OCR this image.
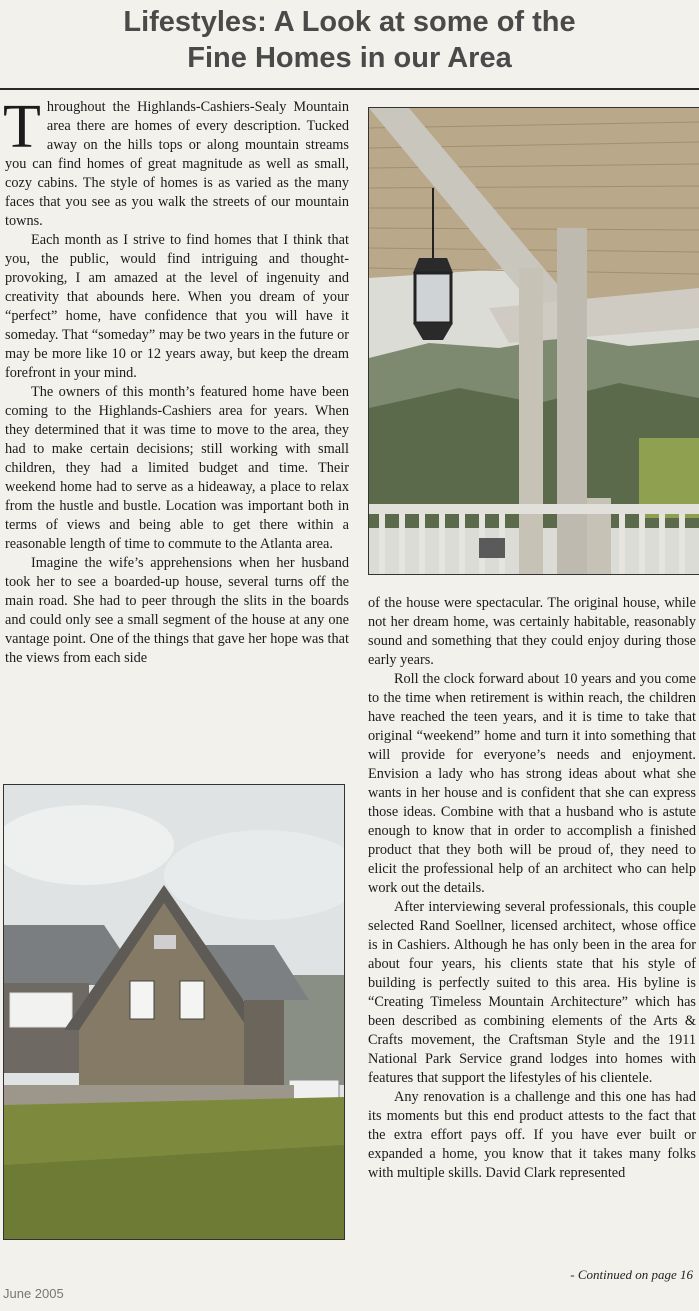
Lifestyles: A Look at some of the
Fine Homes in our Area

Throughout the Highlands-Cashiers-Sealy Mountain area there are homes of every description. Tucked away on the hills tops or along mountain streams you can find homes of great magnitude as well as small, cozy cabins. The style of homes is as varied as the many faces that you see as you walk the streets of our mountain towns.

Each month as I strive to find homes that I think that you, the public, would find intriguing and thought-provoking, I am amazed at the level of ingenuity and creativity that abounds here. When you dream of your “perfect” home, have confidence that you will have it someday. That “someday” may be two years in the future or may be more like 10 or 12 years away, but keep the dream forefront in your mind.

The owners of this month’s featured home have been coming to the Highlands-Cashiers area for years. When they determined that it was time to move to the area, they had to make certain decisions; still working with small children, they had a limited budget and time. Their weekend home had to serve as a hideaway, a place to relax from the hustle and bustle. Location was important both in terms of views and being able to get there within a reasonable length of time to commute to the Atlanta area.

Imagine the wife’s apprehensions when her husband took her to see a boarded-up house, several turns off the main road. She had to peer through the slits in the boards and could only see a small segment of the house at any one vantage point. One of the things that gave her hope was that the views from each side

of the house were spectacular. The original house, while not her dream home, was certainly habitable, reasonably sound and something that they could enjoy during those early years.

Roll the clock forward about 10 years and you come to the time when retirement is within reach, the children have reached the teen years, and it is time to take that original “weekend” home and turn it into something that will provide for everyone’s needs and enjoyment. Envision a lady who has strong ideas about what she wants in her house and is confident that she can express those ideas. Combine with that a husband who is astute enough to know that in order to accomplish a finished product that they both will be proud of, they need to elicit the professional help of an architect who can help work out the details.

After interviewing several professionals, this couple selected Rand Soellner, licensed architect, whose office is in Cashiers. Although he has only been in the area for about four years, his clients state that his style of building is perfectly suited to this area. His byline is “Creating Timeless Mountain Architecture” which has been described as combining elements of the Arts & Crafts movement, the Craftsman Style and the 1911 National Park Service grand lodges into homes with features that support the lifestyles of his clientele.

Any renovation is a challenge and this one has had its moments but this end product attests to the fact that the extra effort pays off. If you have ever built or expanded a home, you know that it takes many folks with multiple skills. David Clark represented

June 2005
- Continued on page 16
